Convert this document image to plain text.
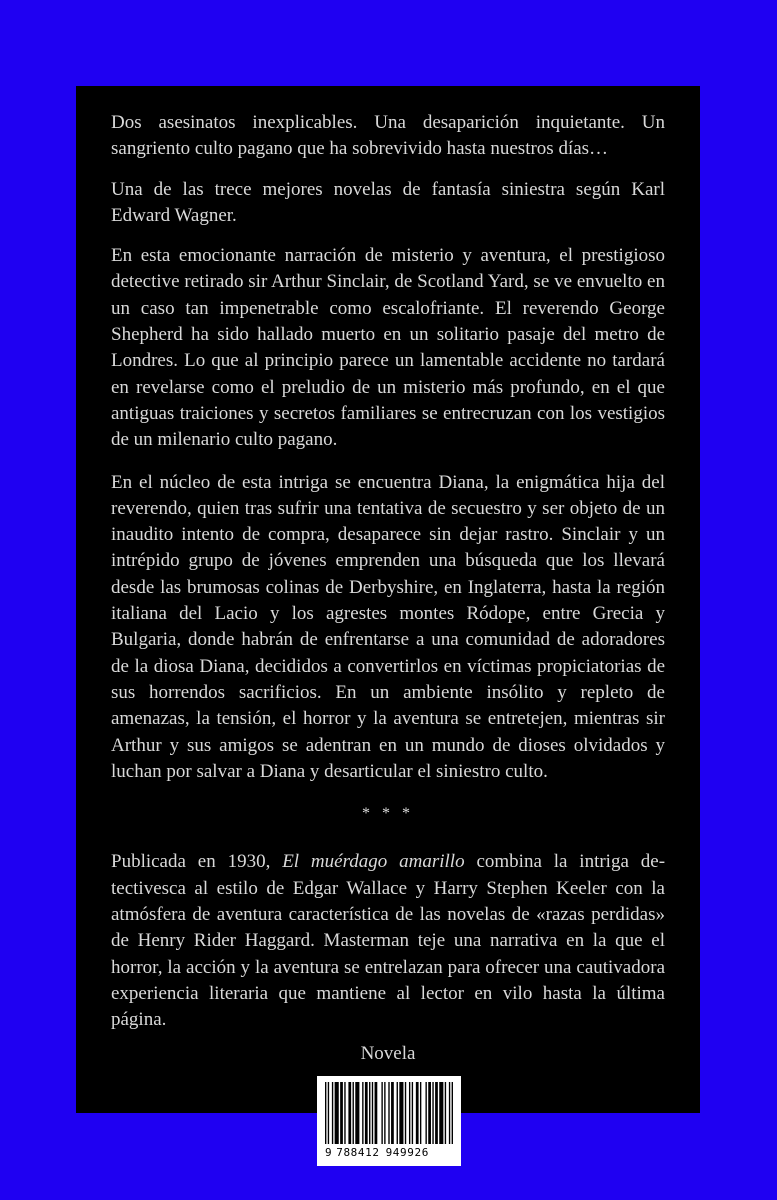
Dos asesinatos inexplicables. Una desaparición inquietante. Un sangriento culto pagano que ha sobrevivido hasta nuestros días…

Una de las trece mejores novelas de fantasía siniestra según Karl Edward Wagner.

En esta emocionante narración de misterio y aventura, el prestigioso detective retirado sir Arthur Sinclair, de Scotland Yard, se ve envuelto en un caso tan impenetrable como escalofriante. El reverendo George Shepherd ha sido hallado muerto en un solitario pasaje del metro de Londres. Lo que al principio parece un lamentable accidente no tardará en revelarse como el preludio de un misterio más profundo, en el que antiguas traiciones y secretos familiares se entrecruzan con los vestigios de un milenario culto pagano.

En el núcleo de esta intriga se encuentra Diana, la enigmática hija del reverendo, quien tras sufrir una tentativa de secuestro y ser objeto de un inaudito intento de compra, desaparece sin dejar rastro. Sinclair y un intrépido grupo de jóvenes emprenden una búsqueda que los llevará desde las brumosas colinas de Derbyshire, en Inglaterra, hasta la región italiana del Lacio y los agrestes montes Ródope, entre Grecia y Bulgaria, donde habrán de enfrentarse a una comunidad de adoradores de la diosa Diana, decididos a convertirlos en víctimas propiciatorias de sus horrendos sacrificios. En un ambiente insólito y repleto de amenazas, la tensión, el horror y la aventura se entretejen, mientras sir Arthur y sus amigos se adentran en un mundo de dioses olvidados y luchan por salvar a Diana y desarticular el siniestro culto.

* * *

Publicada en 1930, El muérdago amarillo combina la intriga detectivesca al estilo de Edgar Wallace y Harry Stephen Keeler con la atmósfera de aventura característica de las novelas de «razas perdidas» de Henry Rider Haggard. Masterman teje una narrativa en la que el horror, la acción y la aventura se entrelazan para ofrecer una cautivadora experiencia literaria que mantiene al lector en vilo hasta la última página.

Novela
9 788412 949926
